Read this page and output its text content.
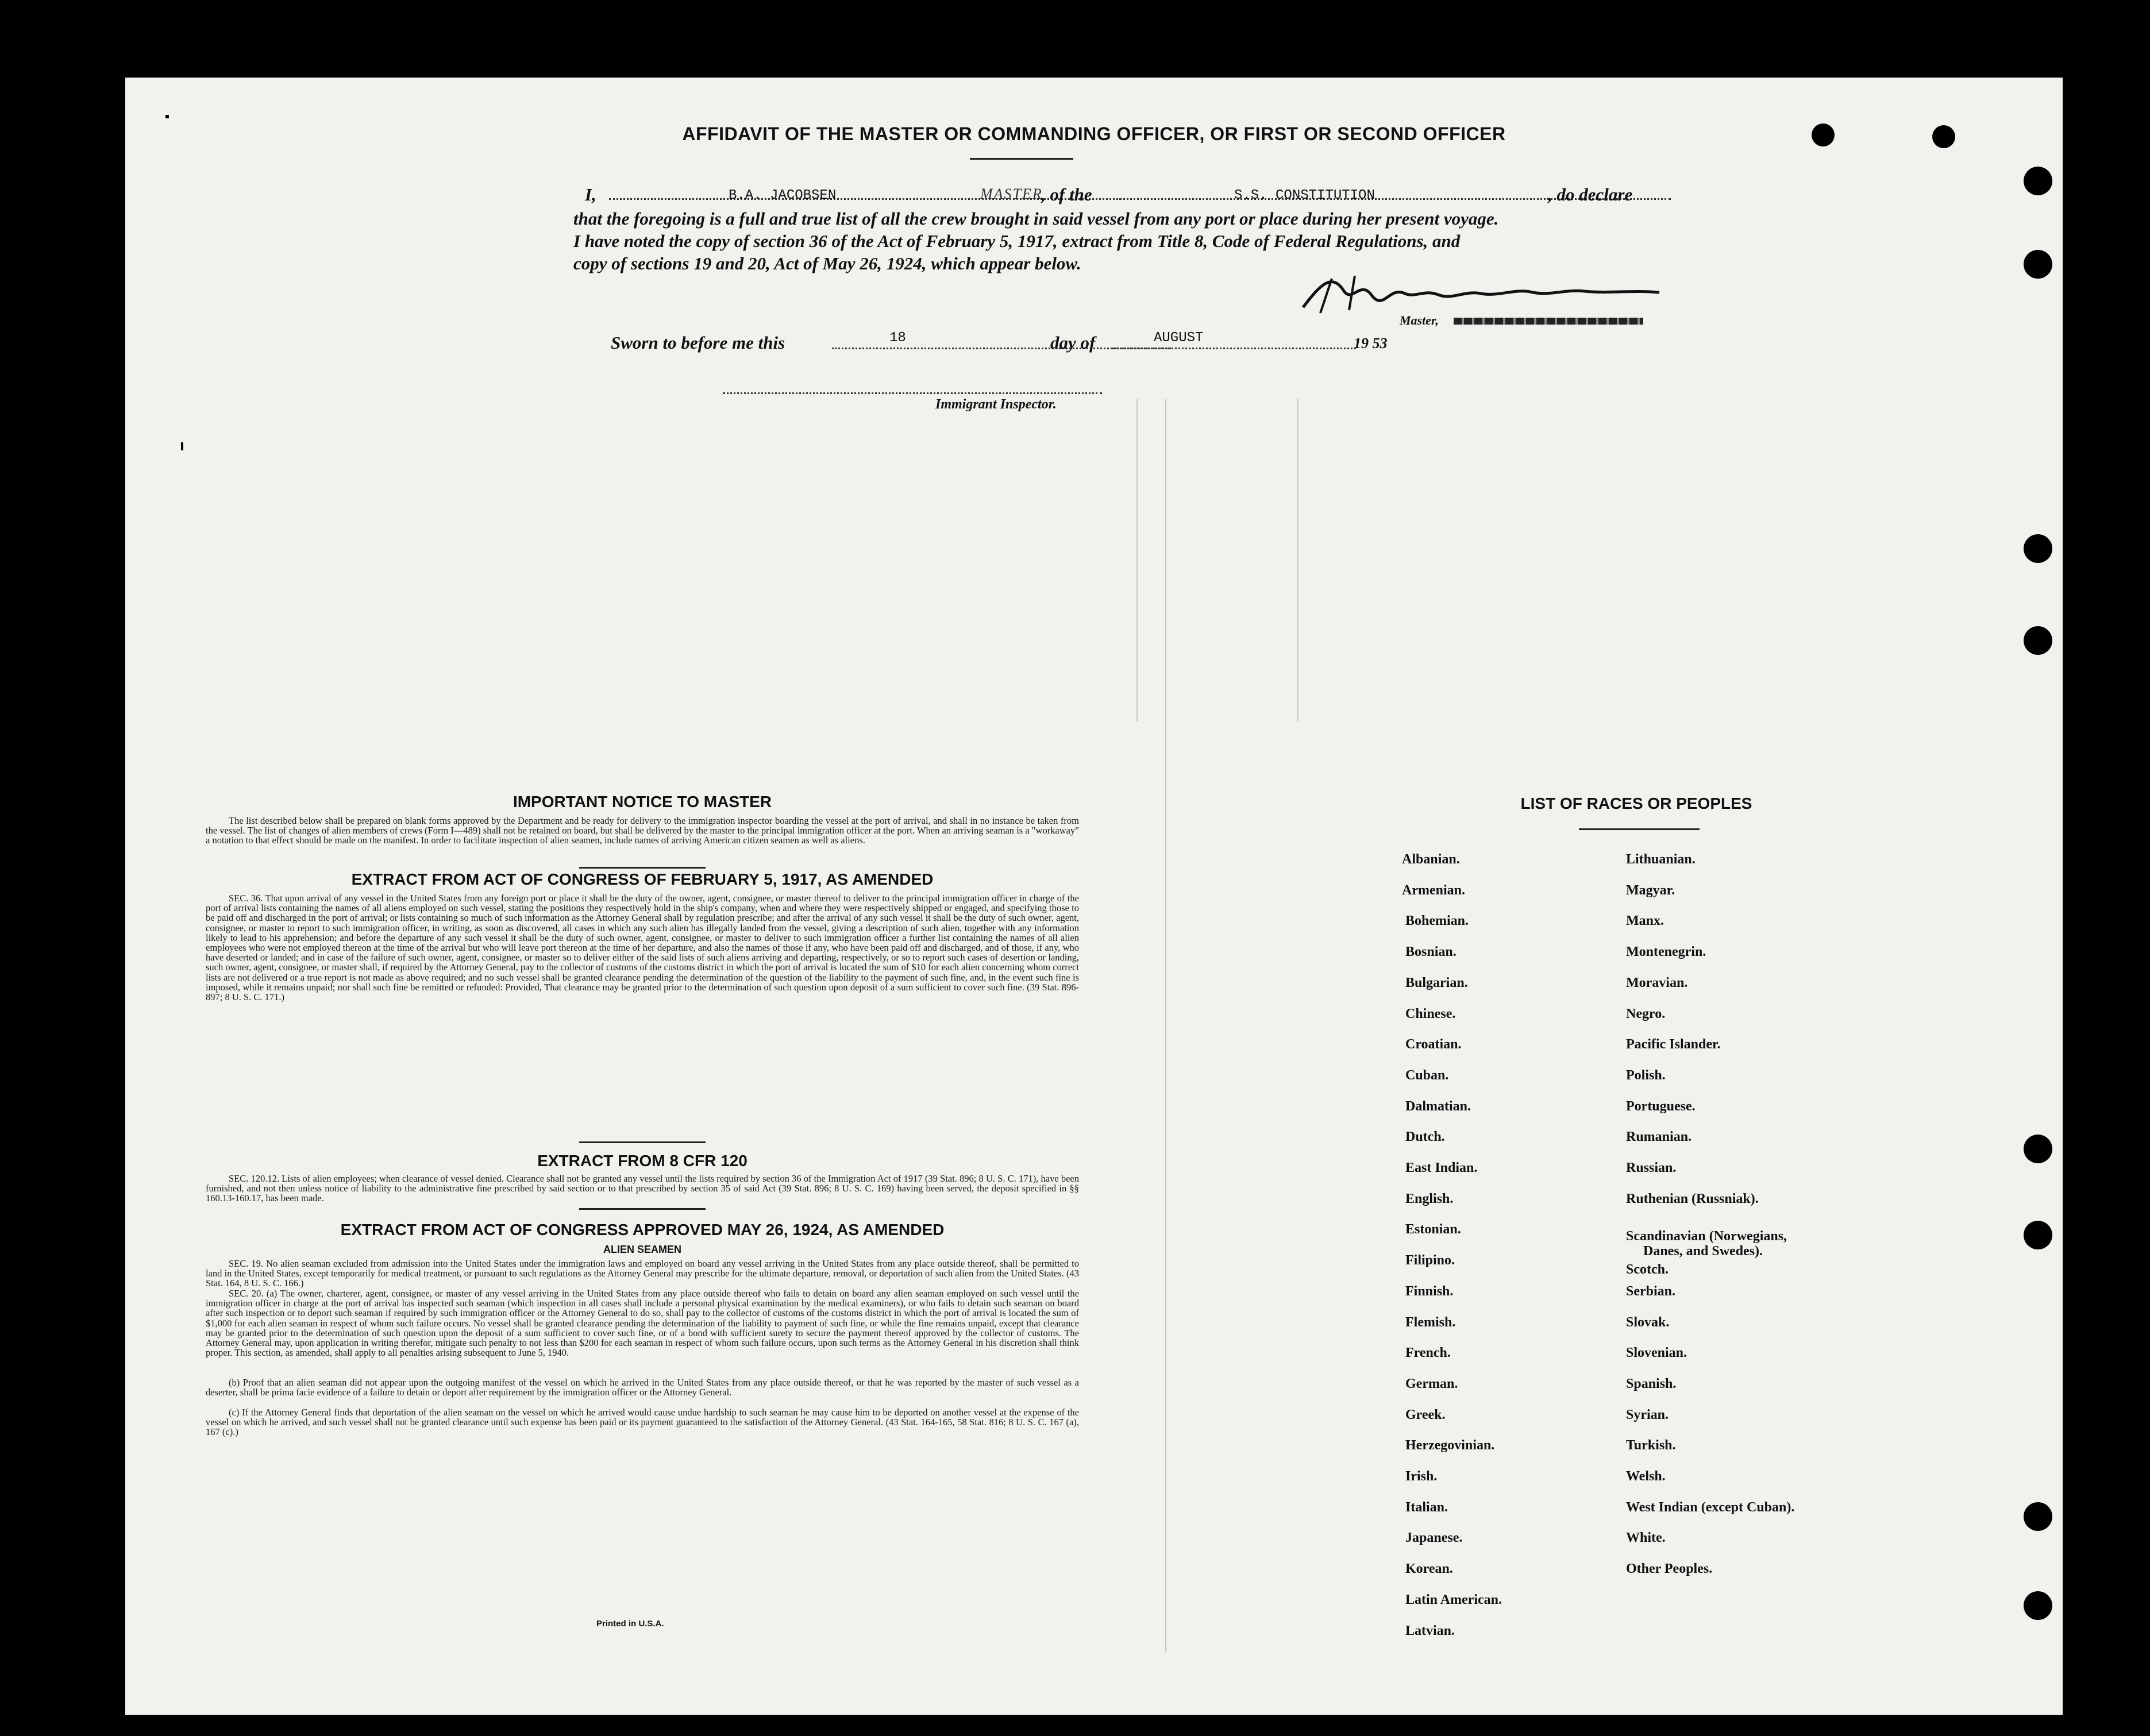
AFFIDAVIT OF THE MASTER OR COMMANDING OFFICER, OR FIRST OR SECOND OFFICER
I,	B.A. JACOBSEN	MASTER
, of the	S.S. CONSTITUTION	, do declare
that the foregoing is a full and true list of all the crew brought in said vessel from any port or place during her present voyage.
I have noted the copy of section 36 of the Act of February 5, 1917, extract from Title 8, Code of Federal Regulations, and
copy of sections 19 and 20, Act of May 26, 1924, which appear below.
Master,
Sworn to before me this	18	day of	AUGUST	19 53
Immigrant Inspector.
IMPORTANT NOTICE TO MASTER
The list described below shall be prepared on blank forms approved by the Department and be ready for delivery to the immigration inspector boarding the vessel at the port of arrival, and shall in no instance be taken from the vessel. The list of changes of alien members of crews (Form I—489) shall not be retained on board, but shall be delivered by the master to the principal immigration officer at the port. When an arriving seaman is a "workaway" a notation to that effect should be made on the manifest. In order to facilitate inspection of alien seamen, include names of arriving American citizen seamen as well as aliens.
EXTRACT FROM ACT OF CONGRESS OF FEBRUARY 5, 1917, AS AMENDED
SEC. 36. That upon arrival of any vessel in the United States from any foreign port or place it shall be the duty of the owner, agent, consignee, or master thereof to deliver to the principal immigration officer in charge of the port of arrival lists containing the names of all aliens employed on such vessel, stating the positions they respectively hold in the ship's company, when and where they were respectively shipped or engaged, and specifying those to be paid off and discharged in the port of arrival; or lists containing so much of such information as the Attorney General shall by regulation prescribe; and after the arrival of any such vessel it shall be the duty of such owner, agent, consignee, or master to report to such immigration officer, in writing, as soon as discovered, all cases in which any such alien has illegally landed from the vessel, giving a description of such alien, together with any information likely to lead to his apprehension; and before the departure of any such vessel it shall be the duty of such owner, agent, consignee, or master to deliver to such immigration officer a further list containing the names of all alien employees who were not employed thereon at the time of the arrival but who will leave port thereon at the time of her departure, and also the names of those if any, who have been paid off and discharged, and of those, if any, who have deserted or landed; and in case of the failure of such owner, agent, consignee, or master so to deliver either of the said lists of such aliens arriving and departing, respectively, or so to report such cases of desertion or landing, such owner, agent, consignee, or master shall, if required by the Attorney General, pay to the collector of customs of the customs district in which the port of arrival is located the sum of $10 for each alien concerning whom correct lists are not delivered or a true report is not made as above required; and no such vessel shall be granted clearance pending the determination of the question of the liability to the payment of such fine, and, in the event such fine is imposed, while it remains unpaid; nor shall such fine be remitted or refunded: Provided, That clearance may be granted prior to the determination of such question upon deposit of a sum sufficient to cover such fine. (39 Stat. 896-897; 8 U. S. C. 171.)
EXTRACT FROM 8 CFR 120
SEC. 120.12. Lists of alien employees; when clearance of vessel denied. Clearance shall not be granted any vessel until the lists required by section 36 of the Immigration Act of 1917 (39 Stat. 896; 8 U. S. C. 171), have been furnished, and not then unless notice of liability to the administrative fine prescribed by said section or to that prescribed by section 35 of said Act (39 Stat. 896; 8 U. S. C. 169) having been served, the deposit specified in §§ 160.13-160.17, has been made.
EXTRACT FROM ACT OF CONGRESS APPROVED MAY 26, 1924, AS AMENDED
ALIEN SEAMEN
SEC. 19. No alien seaman excluded from admission into the United States under the immigration laws and employed on board any vessel arriving in the United States from any place outside thereof, shall be permitted to land in the United States, except temporarily for medical treatment, or pursuant to such regulations as the Attorney General may prescribe for the ultimate departure, removal, or deportation of such alien from the United States. (43 Stat. 164, 8 U. S. C. 166.)
SEC. 20. (a) The owner, charterer, agent, consignee, or master of any vessel arriving in the United States from any place outside thereof who fails to detain on board any alien seaman employed on such vessel until the immigration officer in charge at the port of arrival has inspected such seaman (which inspection in all cases shall include a personal physical examination by the medical examiners), or who fails to detain such seaman on board after such inspection or to deport such seaman if required by such immigration officer or the Attorney General to do so, shall pay to the collector of customs of the customs district in which the port of arrival is located the sum of $1,000 for each alien seaman in respect of whom such failure occurs. No vessel shall be granted clearance pending the determination of the liability to payment of such fine, or while the fine remains unpaid, except that clearance may be granted prior to the determination of such question upon the deposit of a sum sufficient to cover such fine, or of a bond with sufficient surety to secure the payment thereof approved by the collector of customs. The Attorney General may, upon application in writing therefor, mitigate such penalty to not less than $200 for each seaman in respect of whom such failure occurs, upon such terms as the Attorney General in his discretion shall think proper. This section, as amended, shall apply to all penalties arising subsequent to June 5, 1940.
(b) Proof that an alien seaman did not appear upon the outgoing manifest of the vessel on which he arrived in the United States from any place outside thereof, or that he was reported by the master of such vessel as a deserter, shall be prima facie evidence of a failure to detain or deport after requirement by the immigration officer or the Attorney General.
(c) If the Attorney General finds that deportation of the alien seaman on the vessel on which he arrived would cause undue hardship to such seaman he may cause him to be deported on another vessel at the expense of the vessel on which he arrived, and such vessel shall not be granted clearance until such expense has been paid or its payment guaranteed to the satisfaction of the Attorney General. (43 Stat. 164-165, 58 Stat. 816; 8 U. S. C. 167 (a), 167 (c).)
Printed in U.S.A.
LIST OF RACES OR PEOPLES
Albanian.
Armenian.
Bohemian.
Bosnian.
Bulgarian.
Chinese.
Croatian.
Cuban.
Dalmatian.
Dutch.
East Indian.
English.
Estonian.
Filipino.
Finnish.
Flemish.
French.
German.
Greek.
Herzegovinian.
Irish.
Italian.
Japanese.
Korean.
Latin American.
Latvian.
Lithuanian.
Magyar.
Manx.
Montenegrin.
Moravian.
Negro.
Pacific Islander.
Polish.
Portuguese.
Rumanian.
Russian.
Ruthenian (Russniak).
Scandinavian (Norwegians,
Danes, and Swedes).
Scotch.
Serbian.
Slovak.
Slovenian.
Spanish.
Syrian.
Turkish.
Welsh.
West Indian (except Cuban).
White.
Other Peoples.
